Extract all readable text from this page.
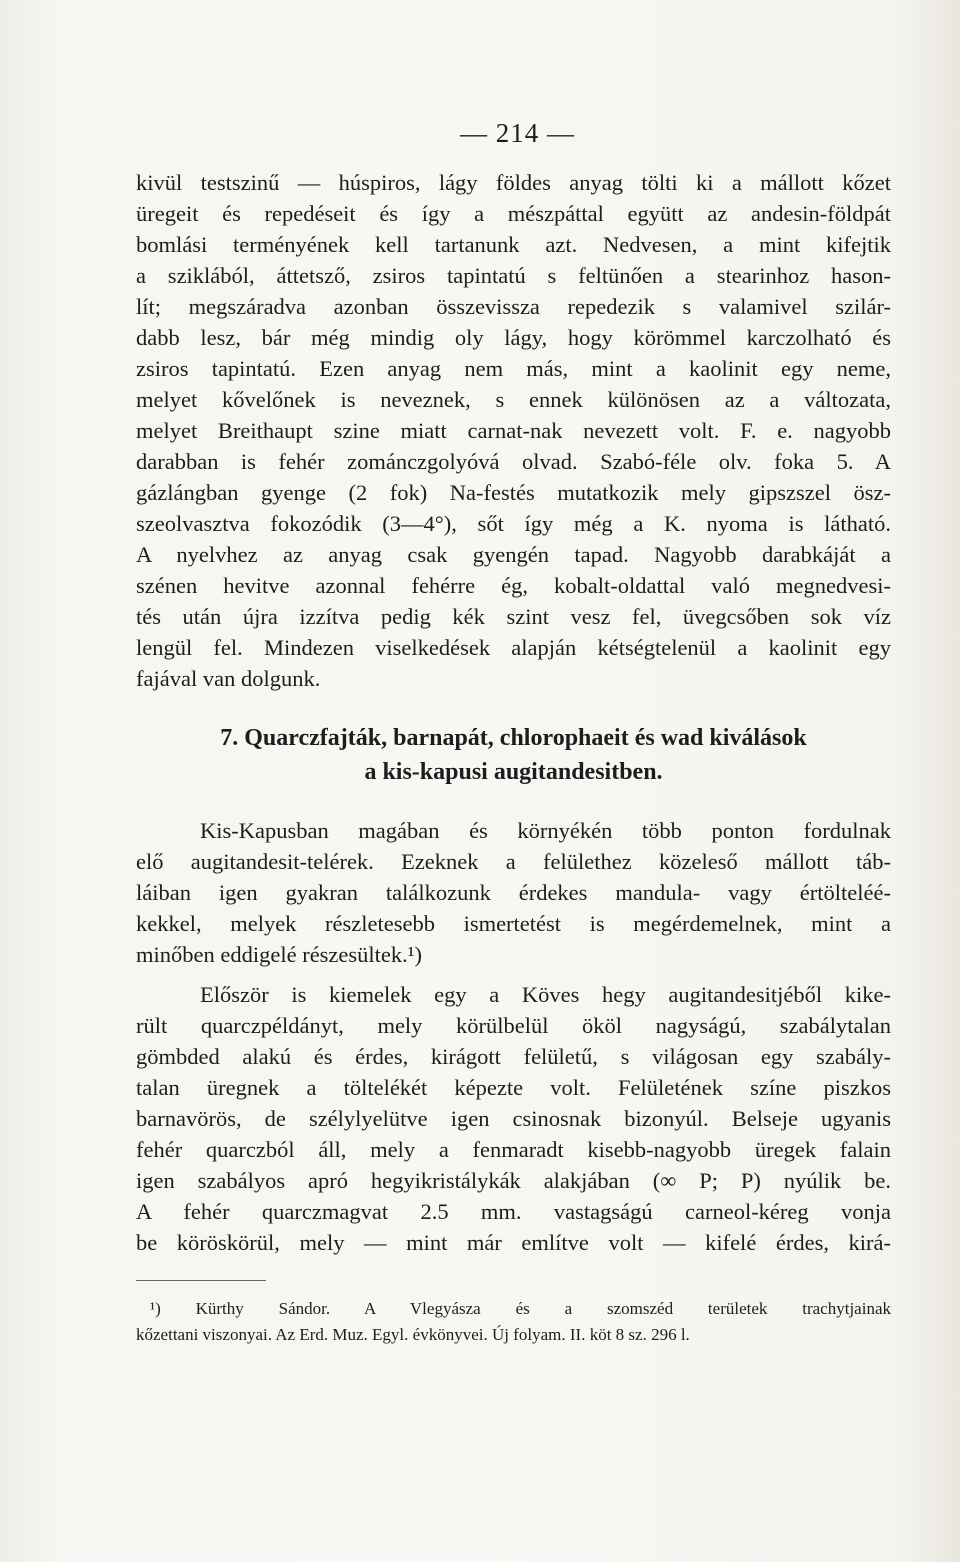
— 214 —
kivül testszinű — húspiros, lágy földes anyag tölti ki a mállott kőzet
üregeit és repedéseit és így a mészpáttal együtt az andesin-földpát
bomlási terményének kell tartanunk azt. Nedvesen, a mint kifejtik
a sziklából, áttetsző, zsiros tapintatú s feltünően a stearinhoz hason-
lít; megszáradva azonban összevissza repedezik s valamivel szilár-
dabb lesz, bár még mindig oly lágy, hogy körömmel karczolható és
zsiros tapintatú. Ezen anyag nem más, mint a kaolinit egy neme,
melyet kővelőnek is neveznek, s ennek különösen az a változata,
melyet Breithaupt szine miatt carnat-nak nevezett volt. F. e. nagyobb
darabban is fehér zománczgolyóvá olvad. Szabó-féle olv. foka 5. A
gázlángban gyenge (2 fok) Na-festés mutatkozik mely gipszszel ösz-
szeolvasztva fokozódik (3—4°), sőt így még a K. nyoma is látható.
A nyelvhez az anyag csak gyengén tapad. Nagyobb darabkáját a
szénen hevitve azonnal fehérre ég, kobalt-oldattal való megnedvesi-
tés után újra izzítva pedig kék szint vesz fel, üvegcsőben sok víz
lengül fel. Mindezen viselkedések alapján kétségtelenül a kaolinit egy
fajával van dolgunk.
7. Quarczfajták, barnapát, chlorophaeit és wad kiválások
a kis-kapusi augitandesitben.
Kis-Kapusban magában és környékén több ponton fordulnak
elő augitandesit-telérek. Ezeknek a felülethez közeleső mállott táb-
láiban igen gyakran találkozunk érdekes mandula- vagy értölteléé-
kekkel, melyek részletesebb ismertetést is megérdemelnek, mint a
minőben eddigelé részesültek.¹)
Először is kiemelek egy a Köves hegy augitandesitjéből kike-
rült quarczpéldányt, mely körülbelül ököl nagyságú, szabálytalan
gömbded alakú és érdes, kirágott felületű, s világosan egy szabály-
talan üregnek a töltelékét képezte volt. Felületének színe piszkos
barnavörös, de szélylyelütve igen csinosnak bizonyúl. Belseje ugyanis
fehér quarczból áll, mely a fenmaradt kisebb-nagyobb üregek falain
igen szabályos apró hegyikristálykák alakjában (∞ P; P) nyúlik be.
A fehér quarczmagvat 2.5 mm. vastagságú carneol-kéreg vonja
be köröskörül, mely — mint már említve volt — kifelé érdes, kirá-
¹) Kürthy Sándor. A Vlegyásza és a szomszéd területek trachytjainak
kőzettani viszonyai. Az Erd. Muz. Egyl. évkönyvei. Új folyam. II. köt 8 sz. 296 l.
